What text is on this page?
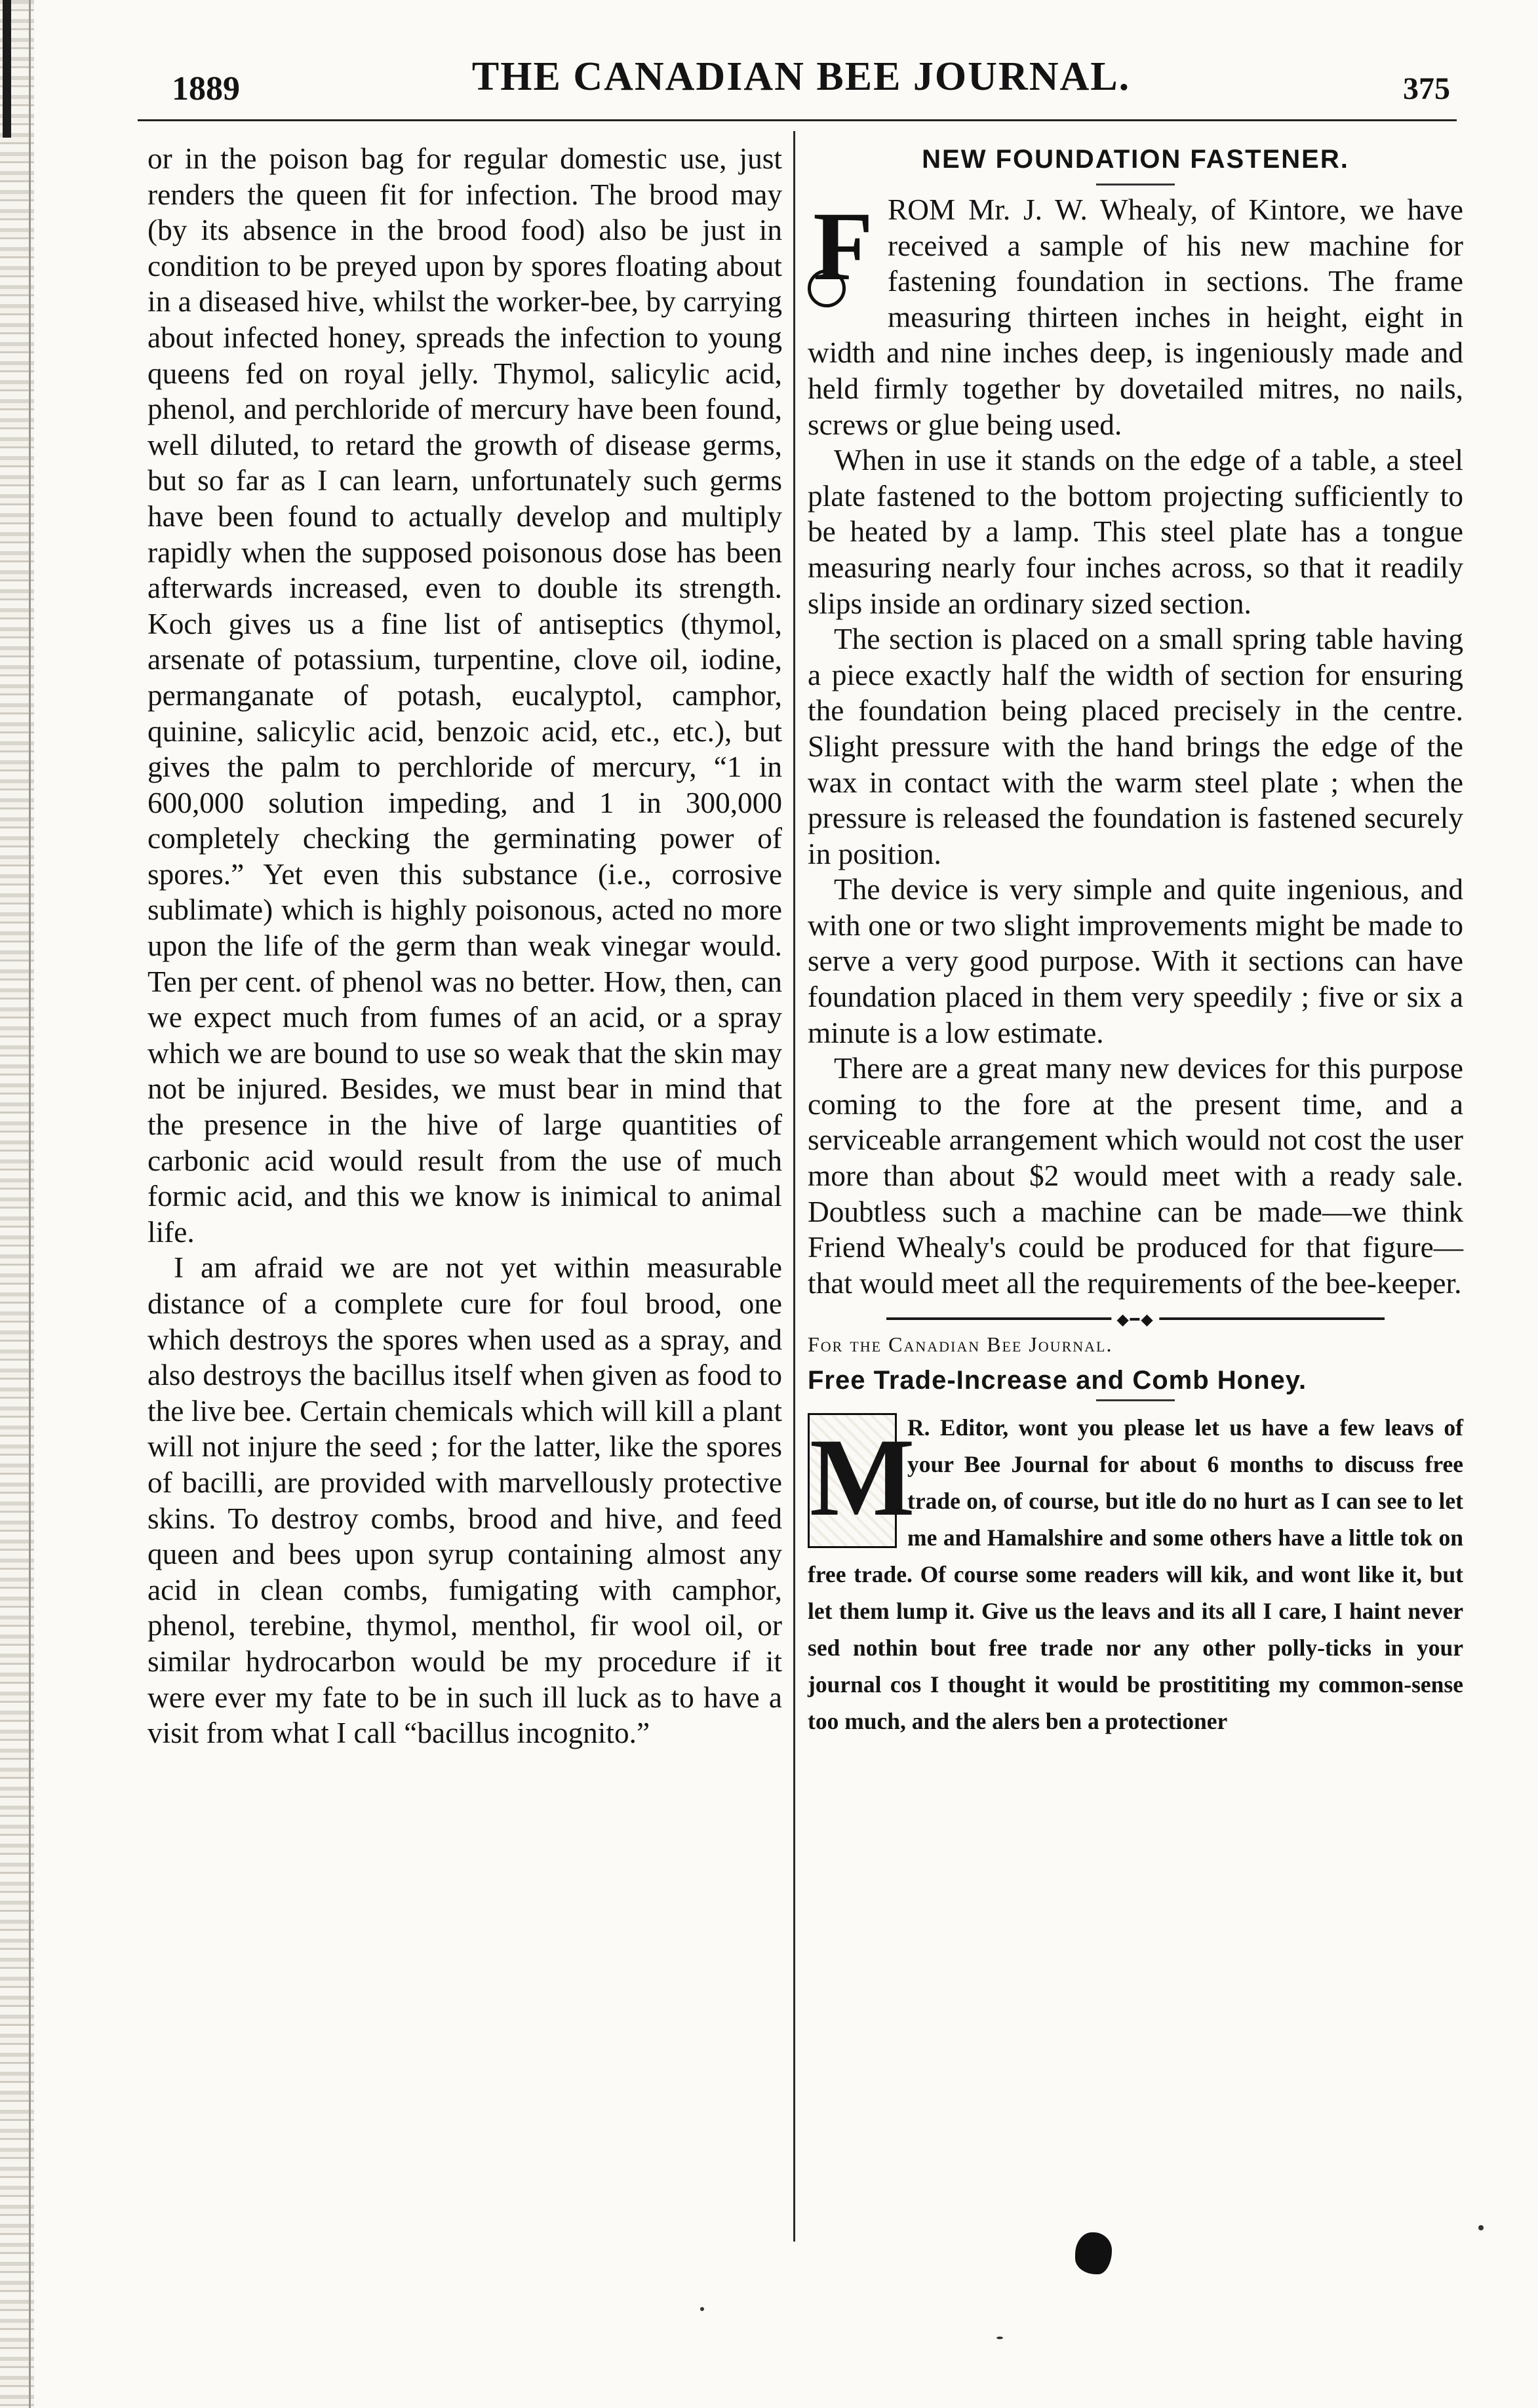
1889	THE CANADIAN BEE JOURNAL.	375

or in the poison bag for regular domestic use, just renders the queen fit for infection. The brood may (by its absence in the brood food) also be just in condition to be preyed upon by spores floating about in a diseased hive, whilst the worker-bee, by carrying about infected honey, spreads the infection to young queens fed on royal jelly. Thymol, salicylic acid, phenol, and perchloride of mercury have been found, well diluted, to retard the growth of disease germs, but so far as I can learn, unfortunately such germs have been found to actually develop and multiply rapidly when the supposed poisonous dose has been afterwards increased, even to double its strength. Koch gives us a fine list of antiseptics (thymol, arsenate of potassium, turpentine, clove oil, iodine, permanganate of potash, eucalyptol, camphor, quinine, salicylic acid, benzoic acid, etc., etc.), but gives the palm to perchloride of mercury, “1 in 600,000 solution impeding, and 1 in 300,000 completely checking the germinating power of spores.” Yet even this substance (i.e., corrosive sublimate) which is highly poisonous, acted no more upon the life of the germ than weak vinegar would. Ten per cent. of phenol was no better. How, then, can we expect much from fumes of an acid, or a spray which we are bound to use so weak that the skin may not be injured. Besides, we must bear in mind that the presence in the hive of large quantities of carbonic acid would result from the use of much formic acid, and this we know is inimical to animal life.

I am afraid we are not yet within measurable distance of a complete cure for foul brood, one which destroys the spores when used as a spray, and also destroys the bacillus itself when given as food to the live bee. Certain chemicals which will kill a plant will not injure the seed ; for the latter, like the spores of bacilli, are provided with marvellously protective skins. To destroy combs, brood and hive, and feed queen and bees upon syrup containing almost any acid in clean combs, fumigating with camphor, phenol, terebine, thymol, menthol, fir wool oil, or similar hydrocarbon would be my procedure if it were ever my fate to be in such ill luck as to have a visit from what I call “bacillus incognito.”

NEW FOUNDATION FASTENER.
F ROM Mr. J. W. Whealy, of Kintore, we have received a sample of his new machine for fastening foundation in sections. The frame measuring thirteen inches in height, eight in width and nine inches deep, is ingeniously made and held firmly together by dovetailed mitres, no nails, screws or glue being used.

When in use it stands on the edge of a table, a steel plate fastened to the bottom projecting sufficiently to be heated by a lamp. This steel plate has a tongue measuring nearly four inches across, so that it readily slips inside an ordinary sized section.

The section is placed on a small spring table having a piece exactly half the width of section for ensuring the foundation being placed precisely in the centre. Slight pressure with the hand brings the edge of the wax in contact with the warm steel plate ; when the pressure is released the foundation is fastened securely in position.

The device is very simple and quite ingenious, and with one or two slight improvements might be made to serve a very good purpose. With it sections can have foundation placed in them very speedily ; five or six a minute is a low estimate.

There are a great many new devices for this purpose coming to the fore at the present time, and a serviceable arrangement which would not cost the user more than about $2 would meet with a ready sale. Doubtless such a machine can be made—we think Friend Whealy's could be produced for that figure—that would meet all the requirements of the bee-keeper.

◆━◆
For the Canadian Bee Journal.
Free Trade-Increase and Comb Honey.
M

R. Editor, wont you please let us have a few leavs of your Bee Journal for about 6 months to discuss free trade on, of course, but itle do no hurt as I can see to let me and Hamalshire and some others have a little tok on free trade. Of course some readers will kik, and wont like it, but let them lump it. Give us the leavs and its all I care, I haint never sed nothin bout free trade nor any other polly-ticks in your journal cos I thought it would be prostititing my common-sense too much, and the alers ben a protectioner
